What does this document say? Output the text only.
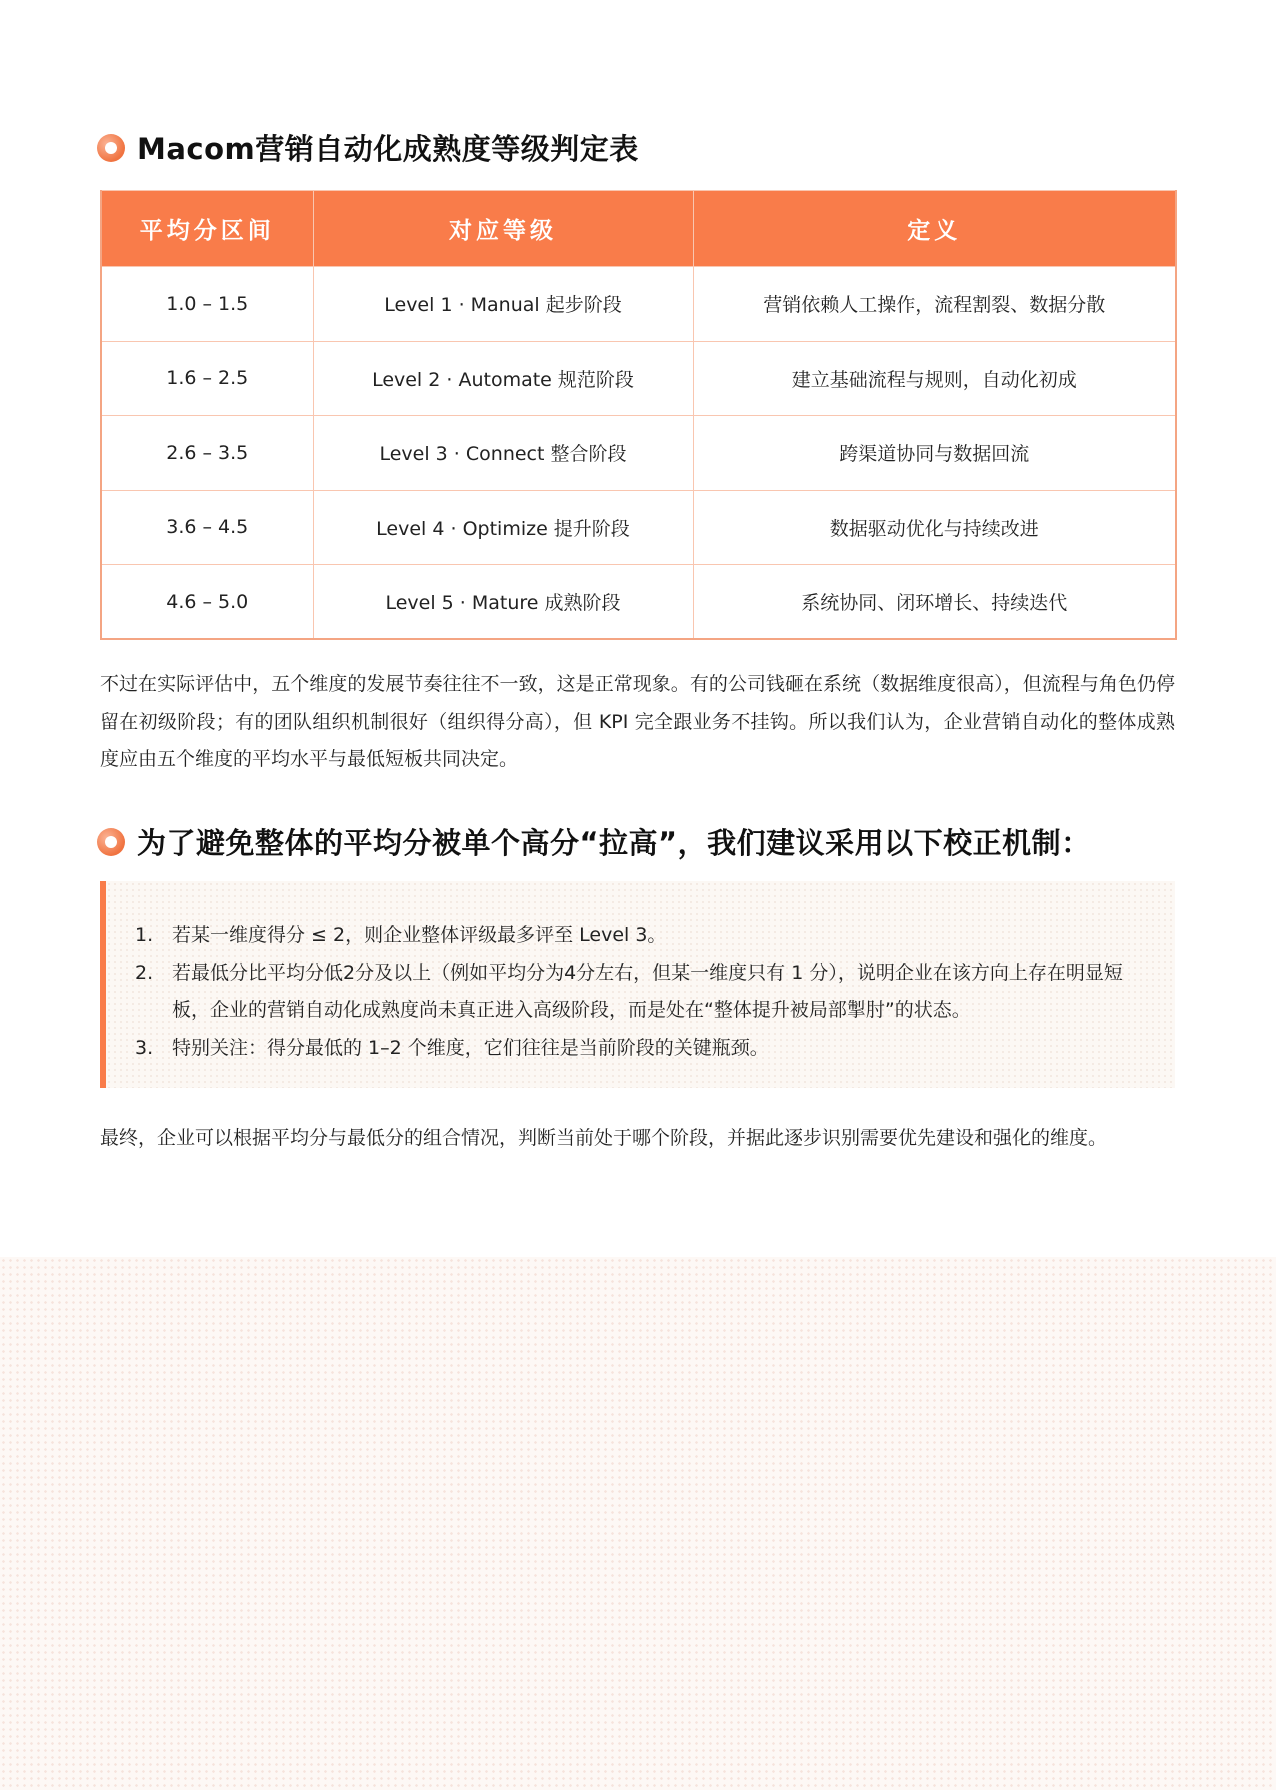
Macom营销自动化成熟度等级判定表
平均分区间	对应等级	定义
1.0 – 1.5	Level 1 · Manual 起步阶段	营销依赖人工操作，流程割裂、数据分散
1.6 – 2.5	Level 2 · Automate 规范阶段	建立基础流程与规则，自动化初成
2.6 – 3.5	Level 3 · Connect 整合阶段	跨渠道协同与数据回流
3.6 – 4.5	Level 4 · Optimize 提升阶段	数据驱动优化与持续改进
4.6 – 5.0	Level 5 · Mature 成熟阶段	系统协同、闭环增长、持续迭代

不过在实际评估中，五个维度的发展节奏往往不一致，这是正常现象。有的公司钱砸在系统（数据维度很高），但流程与角色仍停留在初级阶段；有的团队组织机制很好（组织得分高），但 KPI 完全跟业务不挂钩。所以我们认为，企业营销自动化的整体成熟度应由五个维度的平均水平与最低短板共同决定。

为了避免整体的平均分被单个高分“拉高”，我们建议采用以下校正机制：
1. 若某一维度得分 ≤ 2，则企业整体评级最多评至 Level 3。
2. 若最低分比平均分低2分及以上（例如平均分为4分左右，但某一维度只有 1 分），说明企业在该方向上存在明显短板，企业的营销自动化成熟度尚未真正进入高级阶段，而是处在“整体提升被局部掣肘”的状态。
3. 特别关注：得分最低的 1–2 个维度，它们往往是当前阶段的关键瓶颈。

最终，企业可以根据平均分与最低分的组合情况，判断当前处于哪个阶段，并据此逐步识别需要优先建设和强化的维度。
